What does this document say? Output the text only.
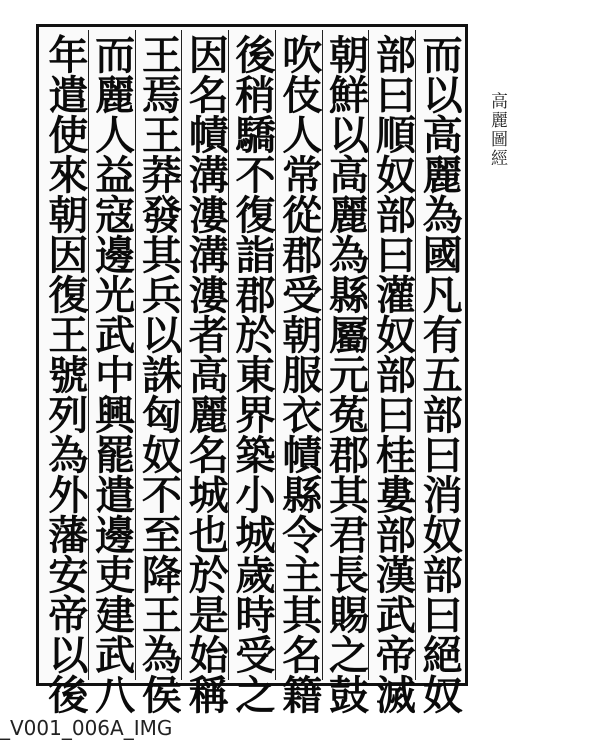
而以高麗為國凡有五部曰消奴部曰絕奴
部曰順奴部曰灌奴部曰桂婁部漢武帝滅
朝鮮以高麗為縣屬元菟郡其君長賜之鼓
吹伎人常從郡受朝服衣幘縣令主其名籍
後稍驕不復詣郡於東界築小城歲時受之
因名幘溝漊溝漊者高麗名城也於是始稱
王焉王莽發其兵以誅匈奴不至降王為侯
而麗人益寇邊光武中興罷遣邊吏建武八
年遣使來朝因復王號列為外藩安帝以後	高麗圖經
_V001_006A_IMG
